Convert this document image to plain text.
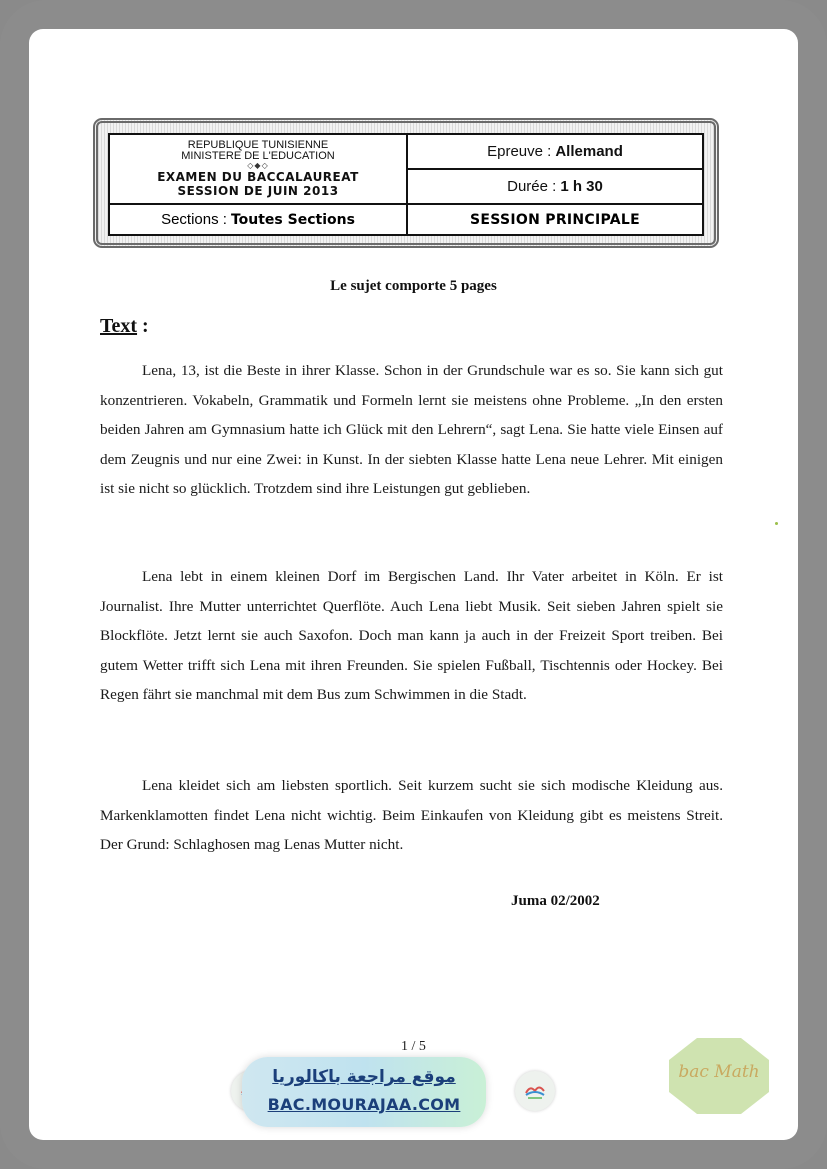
REPUBLIQUE TUNISIENNE
MINISTERE DE L'EDUCATION
◇◆◇
EXAMEN DU BACCALAUREAT
SESSION DE JUIN 2013	Epreuve : Allemand
	Durée : 1 h 30
Sections : Toutes Sections	SESSION PRINCIPALE
Le sujet comporte 5 pages
Text :

Lena, 13, ist die Beste in ihrer Klasse. Schon in der Grundschule war es so. Sie kann sich gut konzentrieren. Vokabeln, Grammatik und Formeln lernt sie meistens ohne Probleme. „In den ersten beiden Jahren am Gymnasium hatte ich Glück mit den Lehrern“, sagt Lena. Sie hatte viele Einsen auf dem Zeugnis und nur eine Zwei: in Kunst. In der siebten Klasse hatte Lena neue Lehrer. Mit einigen ist sie nicht so glücklich. Trotzdem sind ihre Leistungen gut geblieben.

Lena lebt in einem kleinen Dorf im Bergischen Land. Ihr Vater arbeitet in Köln. Er ist Journalist. Ihre Mutter unterrichtet Querflöte. Auch Lena liebt Musik. Seit sieben Jahren spielt sie Blockflöte. Jetzt lernt sie auch Saxofon. Doch man kann ja auch in der Freizeit Sport treiben. Bei gutem Wetter trifft sich Lena mit ihren Freunden. Sie spielen Fußball, Tischtennis oder Hockey. Bei Regen fährt sie manchmal mit dem Bus zum Schwimmen in die Stadt.

Lena kleidet sich am liebsten sportlich. Seit kurzem sucht sie sich modische Kleidung aus. Markenklamotten findet Lena nicht wichtig. Beim Einkaufen von Kleidung gibt es meistens Streit. Der Grund: Schlaghosen mag Lenas Mutter nicht.

Juma 02/2002
1 / 5
موقع مراجعة باكالوريا
BAC.MOURAJAA.COM
bac Math
